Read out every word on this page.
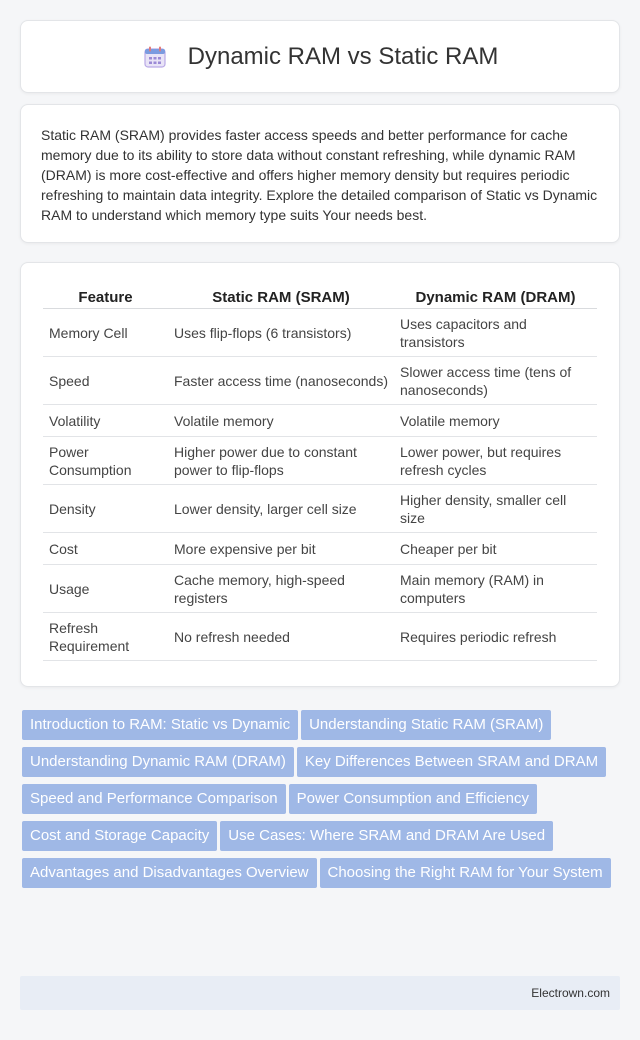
Dynamic RAM vs Static RAM

Static RAM (SRAM) provides faster access speeds and better performance for cache memory due to its ability to store data without constant refreshing, while dynamic RAM (DRAM) is more cost-effective and offers higher memory density but requires periodic refreshing to maintain data integrity. Explore the detailed comparison of Static vs Dynamic RAM to understand which memory type suits Your needs best.

Feature	Static RAM (SRAM)	Dynamic RAM (DRAM)
Memory Cell	Uses flip-flops (6 transistors)	Uses capacitors and transistors
Speed	Faster access time (nanoseconds)	Slower access time (tens of nanoseconds)
Volatility	Volatile memory	Volatile memory
Power Consumption	Higher power due to constant power to flip-flops	Lower power, but requires refresh cycles
Density	Lower density, larger cell size	Higher density, smaller cell size
Cost	More expensive per bit	Cheaper per bit
Usage	Cache memory, high-speed registers	Main memory (RAM) in computers
Refresh Requirement	No refresh needed	Requires periodic refresh
Introduction to RAM: Static vs Dynamic Understanding Static RAM (SRAM)Understanding Dynamic RAM (DRAM) Key Differences Between SRAM and DRAMSpeed and Performance Comparison Power Consumption and EfficiencyCost and Storage Capacity Use Cases: Where SRAM and DRAM Are UsedAdvantages and Disadvantages Overview Choosing the Right RAM for Your System
Electrown.com
